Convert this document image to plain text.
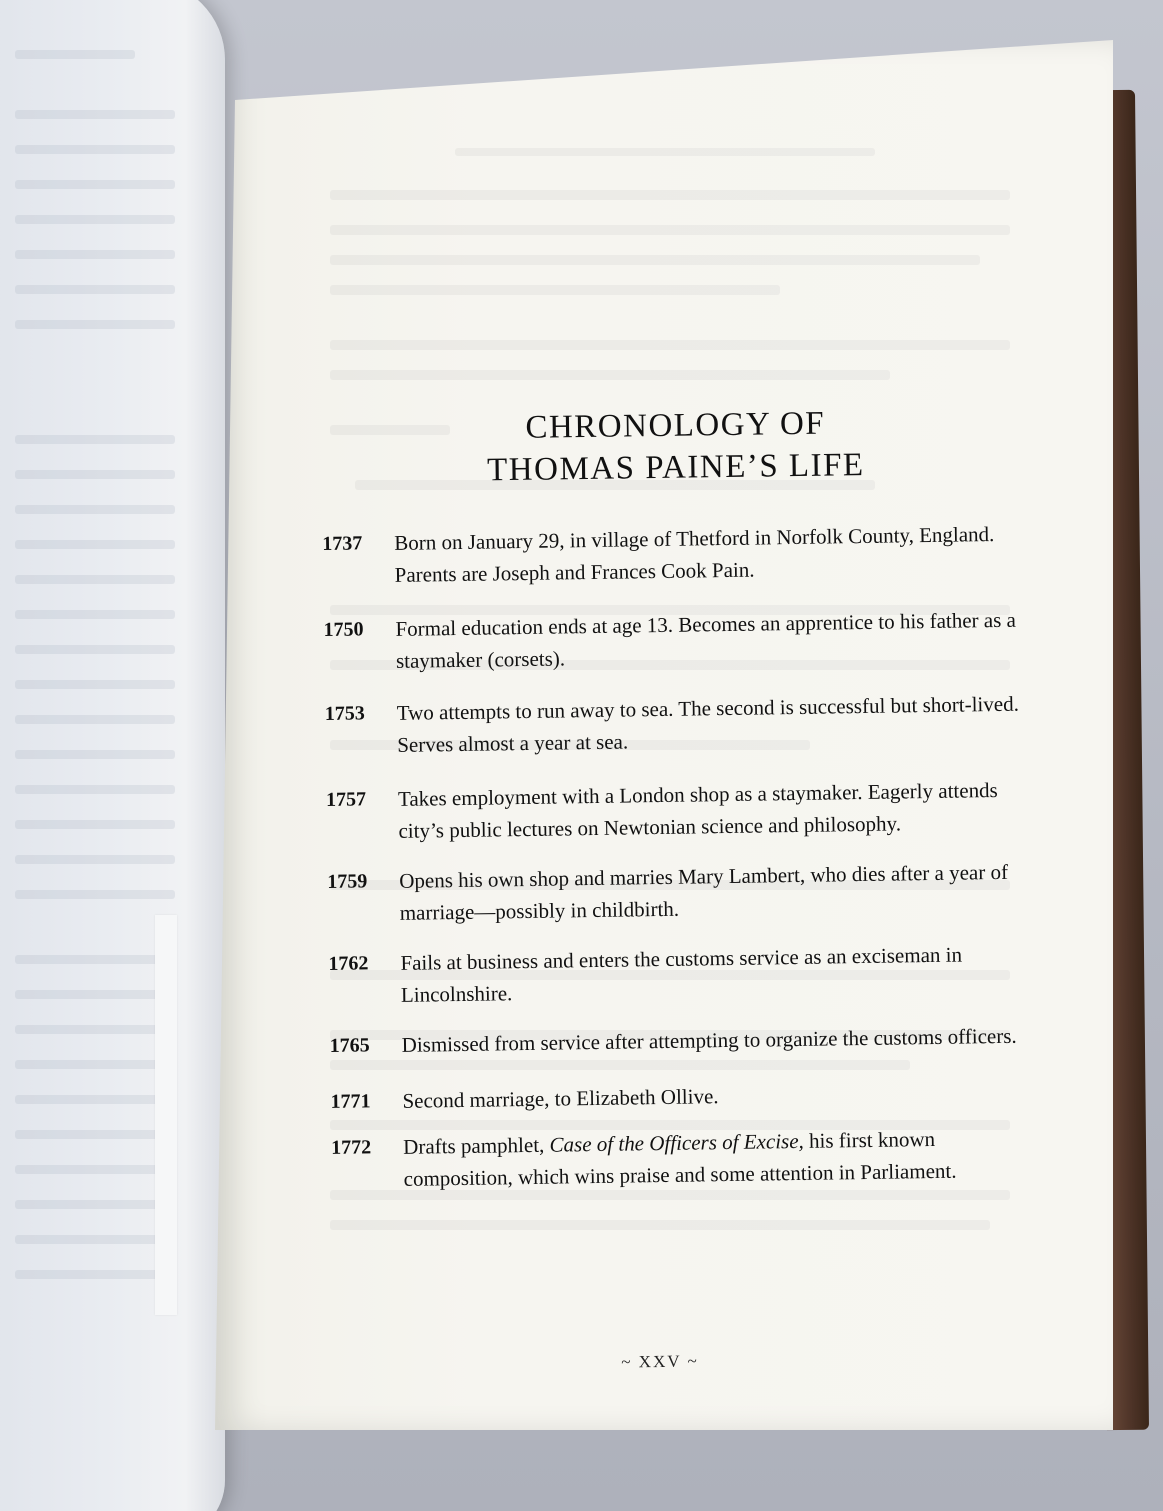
CHRONOLOGY OF
THOMAS PAINE’S LIFE
1737	Born on January 29, in village of Thetford in Norfolk County, England. Parents are Joseph and Frances Cook Pain.
1750	Formal education ends at age 13. Becomes an apprentice to his father as a staymaker (corsets).
1753	Two attempts to run away to sea. The second is successful but short-lived. Serves almost a year at sea.
1757	Takes employment with a London shop as a staymaker. Eagerly attends city’s public lectures on Newtonian science and philosophy.
1759	Opens his own shop and marries Mary Lambert, who dies after a year of marriage—possibly in childbirth.
1762	Fails at business and enters the customs service as an exciseman in Lincolnshire.
1765	Dismissed from service after attempting to organize the customs officers.
1771	Second marriage, to Elizabeth Ollive.
1772	Drafts pamphlet, Case of the Officers of Excise, his first known composition, which wins praise and some attention in Parliament.
~ XXV ~
